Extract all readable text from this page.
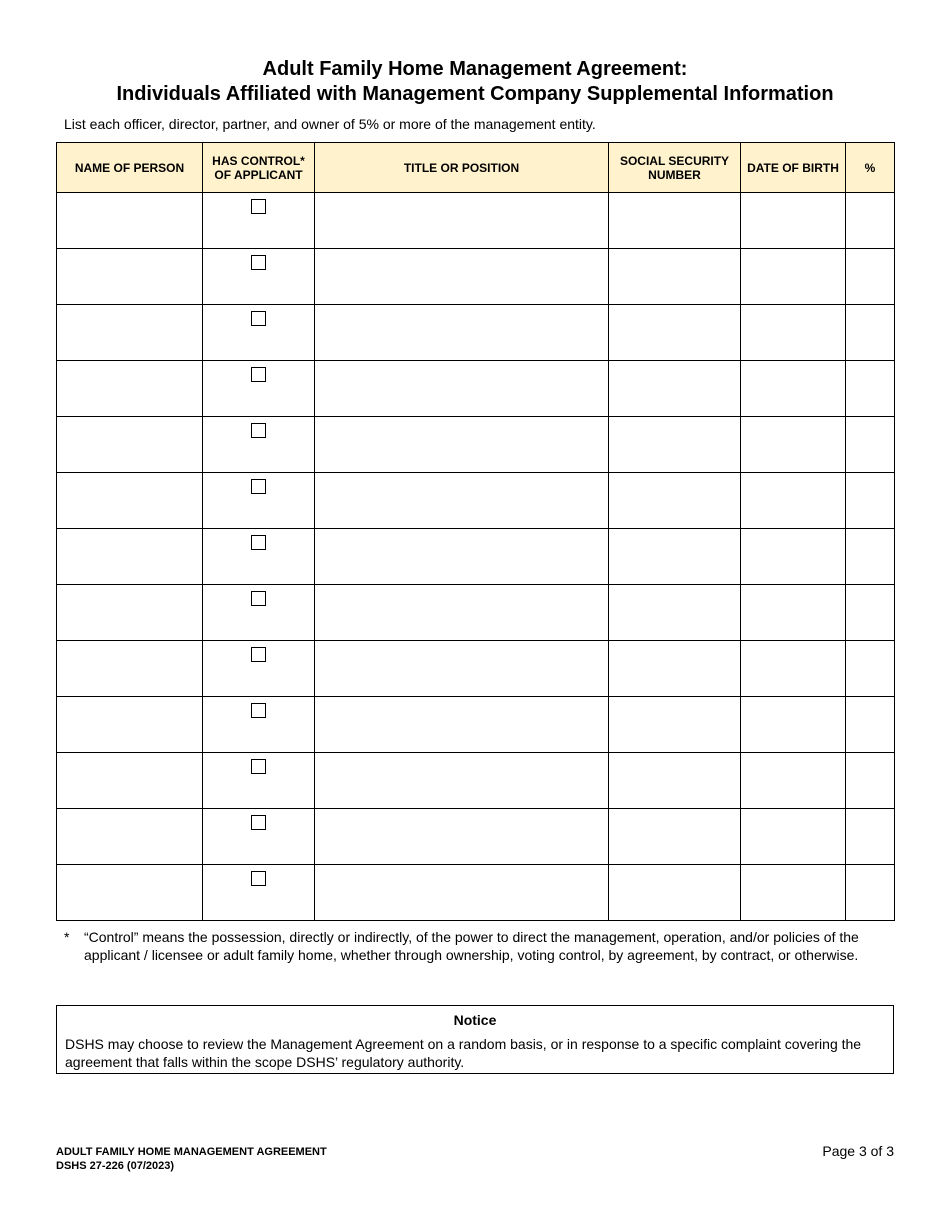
Adult Family Home Management Agreement:
Individuals Affiliated with Management Company Supplemental Information
List each officer, director, partner, and owner of 5% or more of the management entity.
NAME OF PERSON	HAS CONTROL* OF APPLICANT	TITLE OR POSITION	SOCIAL SECURITY NUMBER	DATE OF BIRTH	%

* “Control” means the possession, directly or indirectly, of the power to direct the management, operation, and/or policies of the applicant / licensee or adult family home, whether through ownership, voting control, by agreement, by contract, or otherwise.
Notice
DSHS may choose to review the Management Agreement on a random basis, or in response to a specific complaint covering the agreement that falls within the scope DSHS’ regulatory authority.
ADULT FAMILY HOME MANAGEMENT AGREEMENT
DSHS 27-226 (07/2023)
Page 3 of 3
